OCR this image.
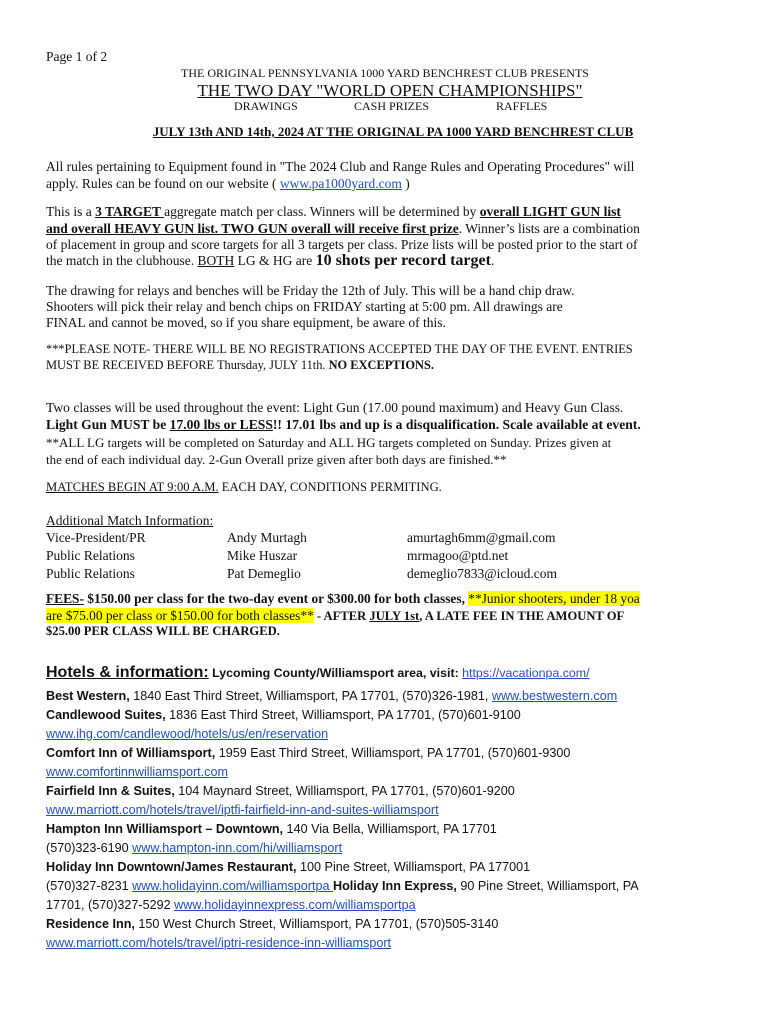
Page 1 of 2
THE ORIGINAL PENNSYLVANIA 1000 YARD BENCHREST CLUB PRESENTS
THE TWO DAY "WORLD OPEN CHAMPIONSHIPS"
DRAWINGS	CASH PRIZES	RAFFLES
JULY 13th AND 14th, 2024 AT THE ORIGINAL PA 1000 YARD BENCHREST CLUB
All rules pertaining to Equipment found in "The 2024 Club and Range Rules and Operating Procedures" will
apply. Rules can be found on our website ( www.pa1000yard.com )
This is a 3 TARGET aggregate match per class. Winners will be determined by overall LIGHT GUN list
and overall HEAVY GUN list. TWO GUN overall will receive first prize. Winner’s lists are a combination
of placement in group and score targets for all 3 targets per class. Prize lists will be posted prior to the start of
the match in the clubhouse. BOTH LG & HG are 10 shots per record target.
The drawing for relays and benches will be Friday the 12th of July. This will be a hand chip draw.
Shooters will pick their relay and bench chips on FRIDAY starting at 5:00 pm. All drawings are
FINAL and cannot be moved, so if you share equipment, be aware of this.
***PLEASE NOTE- THERE WILL BE NO REGISTRATIONS ACCEPTED THE DAY OF THE EVENT. ENTRIES
MUST BE RECEIVED BEFORE Thursday, JULY 11th. NO EXCEPTIONS.
Two classes will be used throughout the event: Light Gun (17.00 pound maximum) and Heavy Gun Class.
Light Gun MUST be 17.00 lbs or LESS!! 17.01 lbs and up is a disqualification. Scale available at event.
**ALL LG targets will be completed on Saturday and ALL HG targets completed on Sunday. Prizes given at
the end of each individual day. 2-Gun Overall prize given after both days are finished.**
MATCHES BEGIN AT 9:00 A.M. EACH DAY, CONDITIONS PERMITING.
Additional Match Information:
Vice-President/PR	Andy Murtagh	amurtagh6mm@gmail.com
Public Relations	Mike Huszar	mrmagoo@ptd.net
Public Relations	Pat Demeglio	demeglio7833@icloud.com
FEES- $150.00 per class for the two-day event or $300.00 for both classes, **Junior shooters, under 18 yoa
are $75.00 per class or $150.00 for both classes** - AFTER JULY 1st, A LATE FEE IN THE AMOUNT OF
$25.00 PER CLASS WILL BE CHARGED.
Hotels & information: Lycoming County/Williamsport area, visit: https://vacationpa.com/
Best Western, 1840 East Third Street, Williamsport, PA 17701, (570)326-1981, www.bestwestern.com
Candlewood Suites, 1836 East Third Street, Williamsport, PA 17701, (570)601-9100
www.ihg.com/candlewood/hotels/us/en/reservation
Comfort Inn of Williamsport, 1959 East Third Street, Williamsport, PA 17701, (570)601-9300
www.comfortinnwilliamsport.com
Fairfield Inn & Suites, 104 Maynard Street, Williamsport, PA 17701, (570)601-9200
www.marriott.com/hotels/travel/iptfi-fairfield-inn-and-suites-williamsport
Hampton Inn Williamsport – Downtown, 140 Via Bella, Williamsport, PA 17701
(570)323-6190 www.hampton-inn.com/hi/williamsport
Holiday Inn Downtown/James Restaurant, 100 Pine Street, Williamsport, PA 177001
(570)327-8231 www.holidayinn.com/williamsportpa Holiday Inn Express, 90 Pine Street, Williamsport, PA
17701, (570)327-5292 www.holidayinnexpress.com/williamsportpa
Residence Inn, 150 West Church Street, Williamsport, PA 17701, (570)505-3140
www.marriott.com/hotels/travel/iptri-residence-inn-williamsport
